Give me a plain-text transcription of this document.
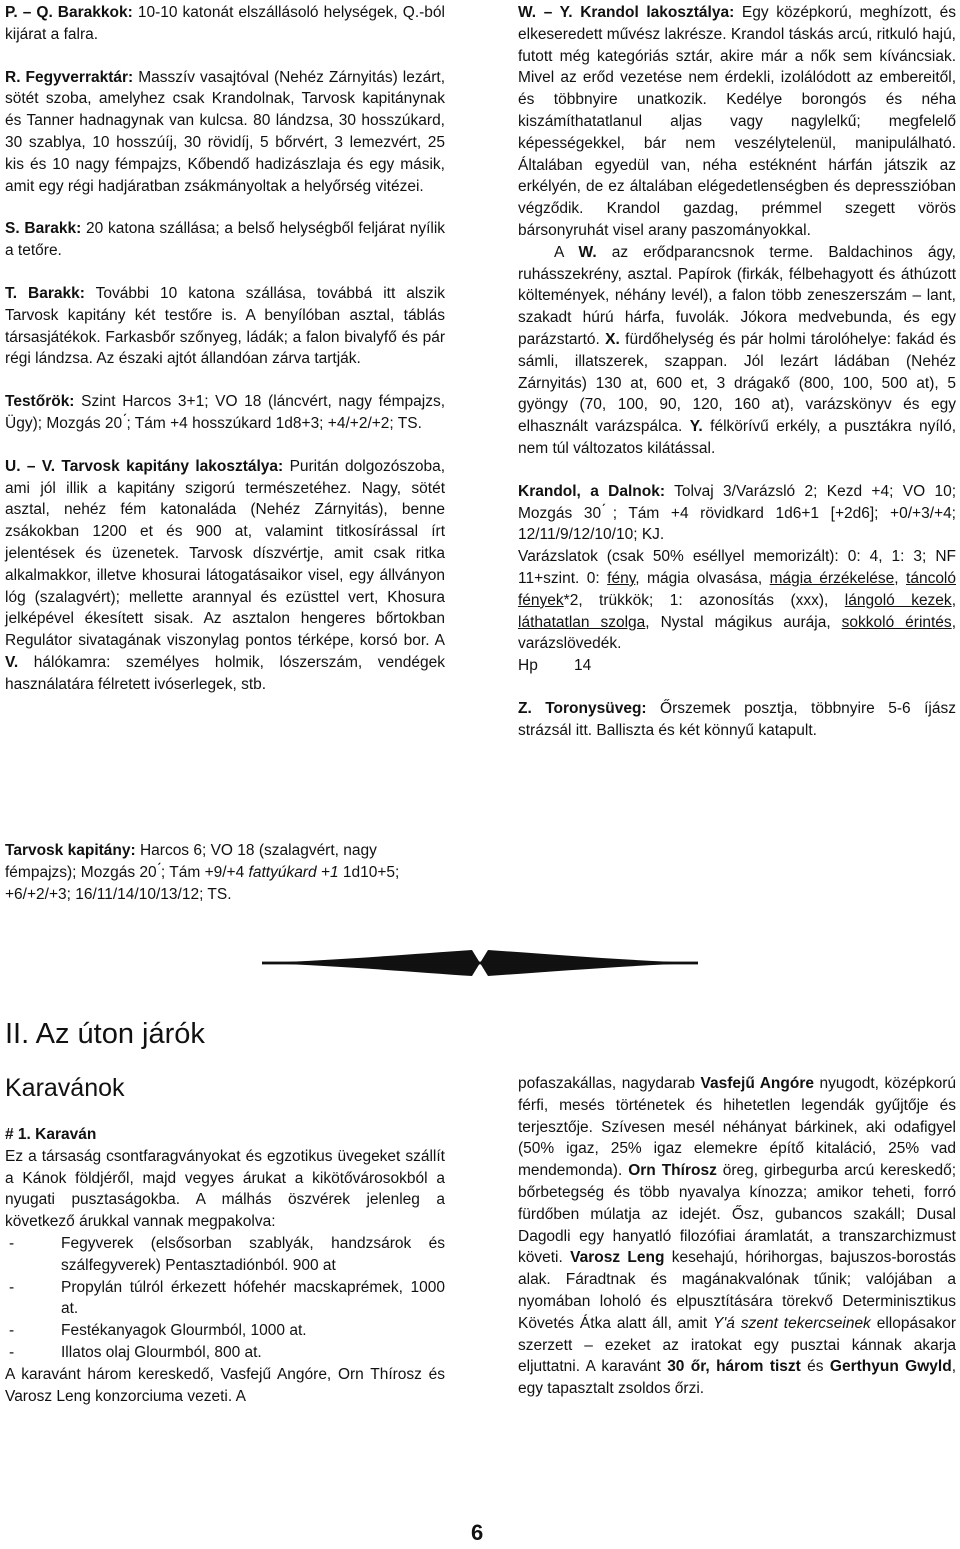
P. – Q. Barakkok: 10-10 katonát elszállásoló helységek, Q.-ból kijárat a falra.

R. Fegyverraktár: Masszív vasajtóval (Nehéz Zárnyitás) lezárt, sötét szoba, amelyhez csak Krandolnak, Tarvosk kapitánynak és Tanner hadnagynak van kulcsa. 80 lándzsa, 30 hosszúkard, 30 szablya, 10 hosszúíj, 30 rövidíj, 5 bőrvért, 3 lemezvért, 25 kis és 10 nagy fémpajzs, Kőbendő hadizászlaja és egy másik, amit egy régi hadjáratban zsákmányoltak a helyőrség vitézei.

S. Barakk: 20 katona szállása; a belső helységből feljárat nyílik a tetőre.

T. Barakk: További 10 katona szállása, továbbá itt alszik Tarvosk kapitány két testőre is. A benyílóban asztal, táblás társasjátékok. Farkasbőr szőnyeg, ládák; a falon bivalyfő és pár régi lándzsa. Az északi ajtót állandóan zárva tartják.

Testőrök: Szint Harcos 3+1; VO 18 (láncvért, nagy fémpajzs, Ügy); Mozgás 20 ́; Tám +4 hosszúkard 1d8+3; +4/+2/+2; TS.

U. – V. Tarvosk kapitány lakosztálya: Puritán dolgozószoba, ami jól illik a kapitány szigorú természetéhez. Nagy, sötét asztal, nehéz fém katonaláda (Nehéz Zárnyitás), benne zsákokban 1200 et és 900 at, valamint titkosírással írt jelentések és üzenetek. Tarvosk díszvértje, amit csak ritka alkalmakkor, illetve khosurai látogatásaikor visel, egy állványon lóg (szalagvért); mellette arannyal és ezüsttel vert, Khosura jelképével ékesített sisak. Az asztalon hengeres bőrtokban Regulátor sivatagának viszonylag pontos térképe, korsó bor. A V. hálókamra: személyes holmik, lószerszám, vendégek használatára félretett ivóserlegek, stb.

Tarvosk kapitány: Harcos 6; VO 18 (szalagvért, nagy fémpajzs); Mozgás 20 ́; Tám +9/+4 fattyúkard +1 1d10+5; +6/+2/+3; 16/11/14/10/13/12; TS.

W. – Y. Krandol lakosztálya: Egy középkorú, meghízott, és elkeseredett művész lakrésze. Krandol táskás arcú, ritkuló hajú, futott még kategóriás sztár, akire már a nők sem kíváncsiak. Mivel az erőd vezetése nem érdekli, izolálódott az embereitől, és többnyire unatkozik. Kedélye borongós és néha kiszámíthatatlanul aljas vagy nagylelkű; megfelelő képességekkel, bár nem veszélytelenül, manipulálható. Általában egyedül van, néha estéknént hárfán játszik az erkélyén, de ez általában elégedetlenségben és depresszióban végződik. Krandol gazdag, prémmel szegett vörös bársonyruhát visel arany paszományokkal.

A W. az erődparancsnok terme. Baldachinos ágy, ruhásszekrény, asztal. Papírok (firkák, félbehagyott és áthúzott költemények, néhány levél), a falon több zeneszerszám – lant, szakadt húrú hárfa, fuvolák. Jókora medvebunda, és egy parázstartó. X. fürdőhelység és pár holmi tárolóhelye: fakád és sámli, illatszerek, szappan. Jól lezárt ládában (Nehéz Zárnyitás) 130 at, 600 et, 3 drágakő (800, 100, 500 at), 5 gyöngy (70, 100, 90, 120, 160 at), varázskönyv és egy elhasznált varázspálca. Y. félkörívű erkély, a pusztákra nyíló, nem túl változatos kilátással.

Krandol, a Dalnok: Tolvaj 3/Varázsló 2; Kezd +4; VO 10; Mozgás 30 ́; Tám +4 rövidkard 1d6+1 [+2d6]; +0/+3/+4; 12/11/9/12/10/10; KJ.

Varázslatok (csak 50% eséllyel memorizált): 0: 4, 1: 3; NF 11+szint. 0: fény, mágia olvasása, mágia érzékelése, táncoló fények*2, trükkök; 1: azonosítás (xxx), lángoló kezek, láthatatlan szolga, Nystal mágikus aurája, sokkoló érintés, varázslövedék.

Hp	14

Z. Toronysüveg: Őrszemek posztja, többnyire 5-6 íjász strázsál itt. Balliszta és két könnyű katapult.

II. Az úton járók
Karavánok

# 1. Karaván

Ez a társaság csontfaragványokat és egzotikus üvegeket szállít a Kánok földjéről, majd vegyes árukat a kikötővárosokból a nyugati pusztaságokba. A málhás öszvérek jelenleg a következő árukkal vannak megpakolva:

-	Fegyverek (elsősorban szablyák, handzsárok és szálfegyverek) Pentasztadiónból. 900 at
-	Propylán túlról érkezett hófehér macskaprémek, 1000 at.
-	Festékanyagok Glourmból, 1000 at.
-	Illatos olaj Glourmból, 800 at.

A karavánt három kereskedő, Vasfejű Angóre, Orn Thírosz és Varosz Leng konzorciuma vezeti. A

pofaszakállas, nagydarab Vasfejű Angóre nyugodt, középkorú férfi, mesés történetek és hihetetlen legendák gyűjtője és terjesztője. Szívesen mesél néhányat bárkinek, aki odafigyel (50% igaz, 25% igaz elemekre építő kitaláció, 25% vad mendemonda). Orn Thírosz öreg, girbegurba arcú kereskedő; bőrbetegség és több nyavalya kínozza; amikor teheti, forró fürdőben múlatja az idejét. Ősz, gubancos szakáll; Dusal Dagodli egy hanyatló filozófiai áramlatát, a transzarchizmust követi. Varosz Leng kesehajú, hórihorgas, bajuszos-borostás alak. Fáradtnak és magánakvalónak tűnik; valójában a nyomában loholó és elpusztítására törekvő Determinisztikus Követés Átka alatt áll, amit Y'á szent tekercseinek ellopásakor szerzett – ezeket az iratokat egy pusztai kánnak akarja eljuttatni. A karavánt 30 őr, három tiszt és Gerthyun Gwyld, egy tapasztalt zsoldos őrzi.

6
